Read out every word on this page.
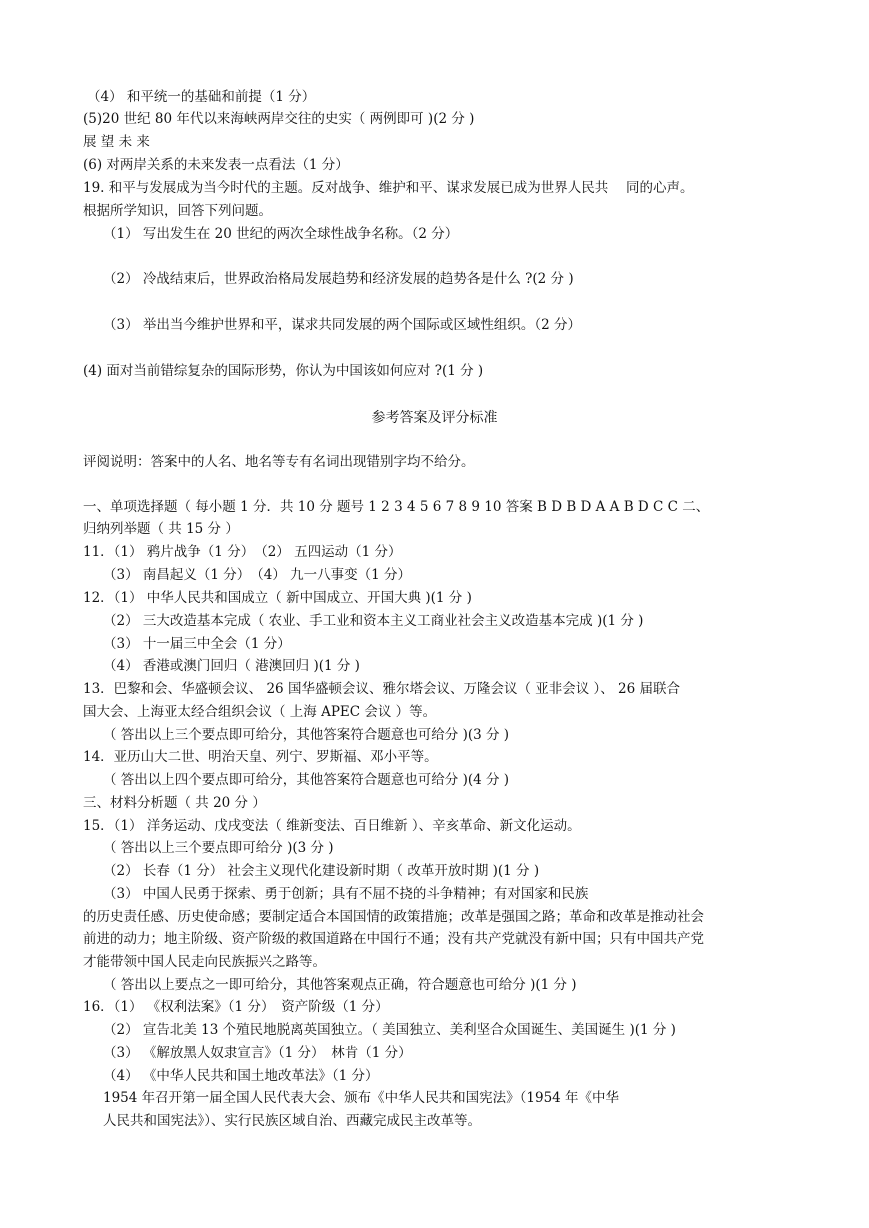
（4） 和平统一的基础和前提（1 分）
(5)20 世纪 80 年代以来海峡两岸交往的史实（ 两例即可 )(2 分 )
展 望 未 来
(6) 对两岸关系的未来发表一点看法（1 分）
19. 和平与发展成为当今时代的主题。反对战争、维护和平、谋求发展已成为世界人民共　 同的心声。
根据所学知识，回答下列问题。
（1） 写出发生在 20 世纪的两次全球性战争名称。（2 分）
（2） 冷战结束后，世界政治格局发展趋势和经济发展的趋势各是什么 ?(2 分 )
（3） 举出当今维护世界和平，谋求共同发展的两个国际或区域性组织。（2 分）
(4) 面对当前错综复杂的国际形势，你认为中国该如何应对 ?(1 分 )
参考答案及评分标准
评阅说明：答案中的人名、地名等专有名词出现错别字均不给分。
一、单项选择题（ 每小题 1 分．共 10 分 题号 1 2 3 4 5 6 7 8 9 10 答案 B D B D A A B D C C 二、
归纳列举题（ 共 15 分 ）
11．（1） 鸦片战争（1 分）　（2） 五四运动（1 分）
（3） 南昌起义（1 分）　（4） 九一八事变（1 分）
12．（1） 中华人民共和国成立（ 新中国成立、开国大典 )(1 分 )
（2） 三大改造基本完成（ 农业、手工业和资本主义工商业社会主义改造基本完成 )(1 分 )
（3） 十一届三中全会（1 分）
（4） 香港或澳门回归（ 港澳回归 )(1 分 )
13．巴黎和会、华盛顿会议、 26 国华盛顿会议、雅尔塔会议、万隆会议（ 亚非会议 ）、 26 届联合
国大会、上海亚太经合组织会议（ 上海 APEC 会议 ）等。
（ 答出以上三个要点即可给分，其他答案符合题意也可给分 )(3 分 )
14．亚历山大二世、明治天皇、列宁、罗斯福、邓小平等。
（ 答出以上四个要点即可给分，其他答案符合题意也可给分 )(4 分 )
三、材料分析题（ 共 20 分 ）
15．（1） 洋务运动、戊戌变法（ 维新变法、百日维新 ）、辛亥革命、新文化运动。
（ 答出以上三个要点即可给分 )(3 分 )
（2） 长春（1 分） 社会主义现代化建设新时期（ 改革开放时期 )(1 分 )
（3） 中国人民勇于探索、勇于创新；具有不屈不挠的斗争精神；有对国家和民族
的历史责任感、历史使命感；要制定适合本国国情的政策措施；改革是强国之路；革命和改革是推动社会
前进的动力；地主阶级、资产阶级的救国道路在中国行不通；没有共产党就没有新中国；只有中国共产党
才能带领中国人民走向民族振兴之路等。
（ 答出以上要点之一即可给分，其他答案观点正确，符合题意也可给分 )(1 分 )
16．（1） 《权利法案》（1 分）　资产阶级（1 分）
（2） 宣告北美 13 个殖民地脱离英国独立。（ 美国独立、美利坚合众国诞生、美国诞生 )(1 分 )
（3） 《解放黑人奴隶宣言》（1 分）　林肯（1 分）
（4） 《中华人民共和国土地改革法》（1 分）
1954 年召开第一届全国人民代表大会、颁布《中华人民共和国宪法》（1954 年《中华
人民共和国宪法》）、实行民族区域自治、西藏完成民主改革等。
